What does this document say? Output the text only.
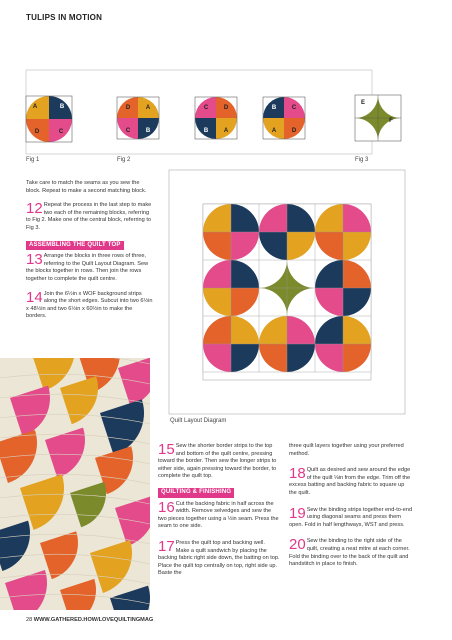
TULIPS IN MOTION
A	B
D	C
D	A
C	B
C	D
B	A
B	C
A	D
E
F
Fig 1	Fig 2	Fig 3
Take care to match the seams as you sew the block. Repeat to make a second matching block.
12 Repeat the process in the last step to make two each of the remaining blocks, referring to Fig 2. Make one of the central block, referring to Fig 3.
ASSEMBLING THE QUILT TOP
13 Arrange the blocks in three rows of three, referring to the Quilt Layout Diagram. Sew the blocks together in rows. Then join the rows together to complete the quilt centre.
14 Join the 6½in x WOF background strips along the short edges. Subcut into two 6½in x 48½in and two 6½in x 60½in to make the borders.
Quilt Layout Diagram
15 Sew the shorter border strips to the top and bottom of the quilt centre, pressing toward the border. Then sew the longer strips to either side, again pressing toward the border, to complete the quilt top.
QUILTING & FINISHING
16 Cut the backing fabric in half across the width. Remove selvedges and sew the two pieces together using a ½in seam. Press the seam to one side.
17 Press the quilt top and backing well. Make a quilt sandwich by placing the backing fabric right side down, the batting on top. Place the quilt top centrally on top, right side up. Baste the
three quilt layers together using your preferred method.
18 Quilt as desired and sew around the edge of the quilt ⅛in from the edge. Trim off the excess batting and backing fabric to square up the quilt.
19 Sew the binding strips together end-to-end using diagonal seams and press them open. Fold in half lengthways, WST and press.
20 Sew the binding to the right side of the quilt, creating a neat mitre at each corner. Fold the binding over to the back of the quilt and handstitch in place to finish.
28 WWW.GATHERED.HOW/LOVEQUILTINGMAG
